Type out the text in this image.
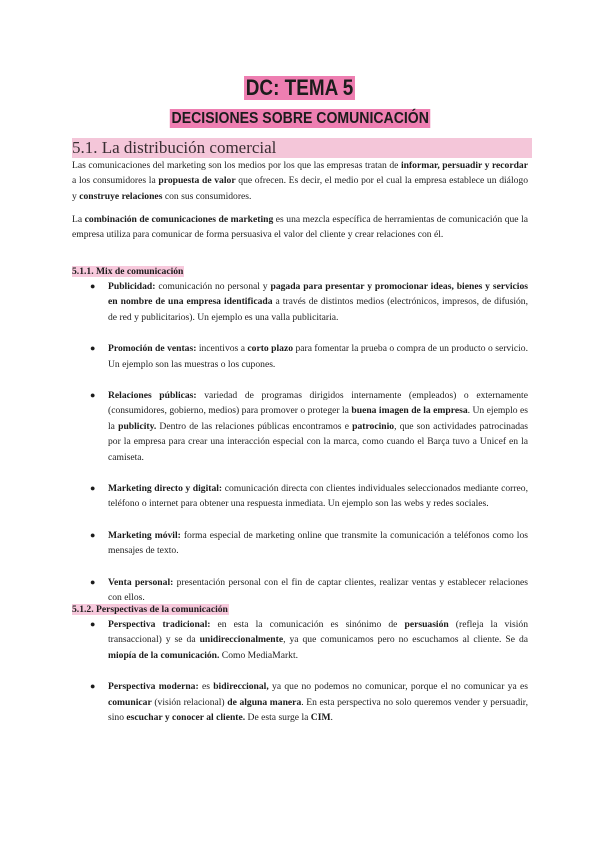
DC: TEMA 5
DECISIONES SOBRE COMUNICACIÓN
5.1. La distribución comercial

Las comunicaciones del marketing son los medios por los que las empresas tratan de informar, persuadir y recordar a los consumidores la propuesta de valor que ofrecen. Es decir, el medio por el cual la empresa establece un diálogo y construye relaciones con sus consumidores.

La combinación de comunicaciones de marketing es una mezcla específica de herramientas de comunicación que la empresa utiliza para comunicar de forma persuasiva el valor del cliente y crear relaciones con él.

5.1.1. Mix de comunicación
● Publicidad: comunicación no personal y pagada para presentar y promocionar ideas, bienes y servicios en nombre de una empresa identificada a través de distintos medios (electrónicos, impresos, de difusión, de red y publicitarios). Un ejemplo es una valla publicitaria.
● Promoción de ventas: incentivos a corto plazo para fomentar la prueba o compra de un producto o servicio. Un ejemplo son las muestras o los cupones.
● Relaciones públicas: variedad de programas dirigidos internamente (empleados) o externamente (consumidores, gobierno, medios) para promover o proteger la buena imagen de la empresa. Un ejemplo es la publicity. Dentro de las relaciones públicas encontramos e patrocinio, que son actividades patrocinadas por la empresa para crear una interacción especial con la marca, como cuando el Barça tuvo a Unicef en la camiseta.
● Marketing directo y digital: comunicación directa con clientes individuales seleccionados mediante correo, teléfono o internet para obtener una respuesta inmediata. Un ejemplo son las webs y redes sociales.
● Marketing móvil: forma especial de marketing online que transmite la comunicación a teléfonos como los mensajes de texto.
● Venta personal: presentación personal con el fin de captar clientes, realizar ventas y establecer relaciones con ellos.
5.1.2. Perspectivas de la comunicación
● Perspectiva tradicional: en esta la comunicación es sinónimo de persuasión (refleja la visión transaccional) y se da unidireccionalmente, ya que comunicamos pero no escuchamos al cliente. Se da miopía de la comunicación. Como MediaMarkt.
● Perspectiva moderna: es bidireccional, ya que no podemos no comunicar, porque el no comunicar ya es comunicar (visión relacional) de alguna manera. En esta perspectiva no solo queremos vender y persuadir, sino escuchar y conocer al cliente. De esta surge la CIM.
